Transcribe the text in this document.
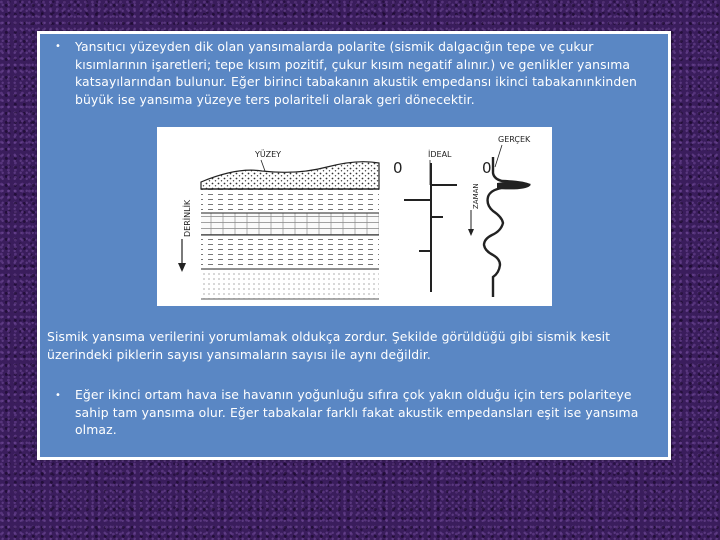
• Yansıtıcı yüzeyden dik olan yansımalarda polarite (sismik dalgacığın tepe ve çukur kısımlarının işaretleri; tepe kısım pozitif, çukur kısım negatif alınır.) ve genlikler yansıma katsayılarından bulunur. Eğer birinci tabakanın akustik empedansı ikinci tabakanınkinden büyük ise yansıma yüzeye ters polariteli olarak geri dönecektir.
YÜZEY
DERİNLİK
0
İDEAL
0
GERÇEK
ZAMAN
Sismik yansıma verilerini yorumlamak oldukça zordur. Şekilde görüldüğü gibi sismik kesit üzerindeki piklerin sayısı yansımaların sayısı ile aynı değildir.
• Eğer ikinci ortam hava ise havanın yoğunluğu sıfıra çok yakın olduğu için ters polariteye sahip tam yansıma olur. Eğer tabakalar farklı fakat akustik empedansları eşit ise yansıma olmaz.
